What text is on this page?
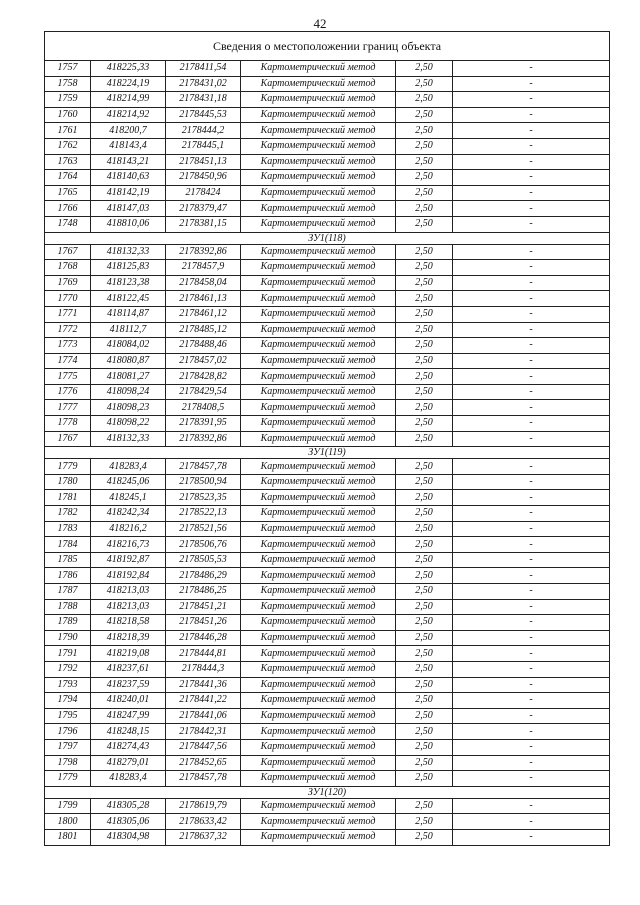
42
Сведения о местоположении границ объекта					
1757	418225,33	2178411,54	Картометрический метод	2,50	-
1758	418224,19	2178431,02	Картометрический метод	2,50	-
1759	418214,99	2178431,18	Картометрический метод	2,50	-
1760	418214,92	2178445,53	Картометрический метод	2,50	-
1761	418200,7	2178444,2	Картометрический метод	2,50	-
1762	418143,4	2178445,1	Картометрический метод	2,50	-
1763	418143,21	2178451,13	Картометрический метод	2,50	-
1764	418140,63	2178450,96	Картометрический метод	2,50	-
1765	418142,19	2178424	Картометрический метод	2,50	-
1766	418147,03	2178379,47	Картометрический метод	2,50	-
1748	418810,06	2178381,15	Картометрический метод	2,50	-
ЗУ1(118)					
1767	418132,33	2178392,86	Картометрический метод	2,50	-
1768	418125,83	2178457,9	Картометрический метод	2,50	-
1769	418123,38	2178458,04	Картометрический метод	2,50	-
1770	418122,45	2178461,13	Картометрический метод	2,50	-
1771	418114,87	2178461,12	Картометрический метод	2,50	-
1772	418112,7	2178485,12	Картометрический метод	2,50	-
1773	418084,02	2178488,46	Картометрический метод	2,50	-
1774	418080,87	2178457,02	Картометрический метод	2,50	-
1775	418081,27	2178428,82	Картометрический метод	2,50	-
1776	418098,24	2178429,54	Картометрический метод	2,50	-
1777	418098,23	2178408,5	Картометрический метод	2,50	-
1778	418098,22	2178391,95	Картометрический метод	2,50	-
1767	418132,33	2178392,86	Картометрический метод	2,50	-
ЗУ1(119)					
1779	418283,4	2178457,78	Картометрический метод	2,50	-
1780	418245,06	2178500,94	Картометрический метод	2,50	-
1781	418245,1	2178523,35	Картометрический метод	2,50	-
1782	418242,34	2178522,13	Картометрический метод	2,50	-
1783	418216,2	2178521,56	Картометрический метод	2,50	-
1784	418216,73	2178506,76	Картометрический метод	2,50	-
1785	418192,87	2178505,53	Картометрический метод	2,50	-
1786	418192,84	2178486,29	Картометрический метод	2,50	-
1787	418213,03	2178486,25	Картометрический метод	2,50	-
1788	418213,03	2178451,21	Картометрический метод	2,50	-
1789	418218,58	2178451,26	Картометрический метод	2,50	-
1790	418218,39	2178446,28	Картометрический метод	2,50	-
1791	418219,08	2178444,81	Картометрический метод	2,50	-
1792	418237,61	2178444,3	Картометрический метод	2,50	-
1793	418237,59	2178441,36	Картометрический метод	2,50	-
1794	418240,01	2178441,22	Картометрический метод	2,50	-
1795	418247,99	2178441,06	Картометрический метод	2,50	-
1796	418248,15	2178442,31	Картометрический метод	2,50	-
1797	418274,43	2178447,56	Картометрический метод	2,50	-
1798	418279,01	2178452,65	Картометрический метод	2,50	-
1779	418283,4	2178457,78	Картометрический метод	2,50	-
ЗУ1(120)					
1799	418305,28	2178619,79	Картометрический метод	2,50	-
1800	418305,06	2178633,42	Картометрический метод	2,50	-
1801	418304,98	2178637,32	Картометрический метод	2,50	-
